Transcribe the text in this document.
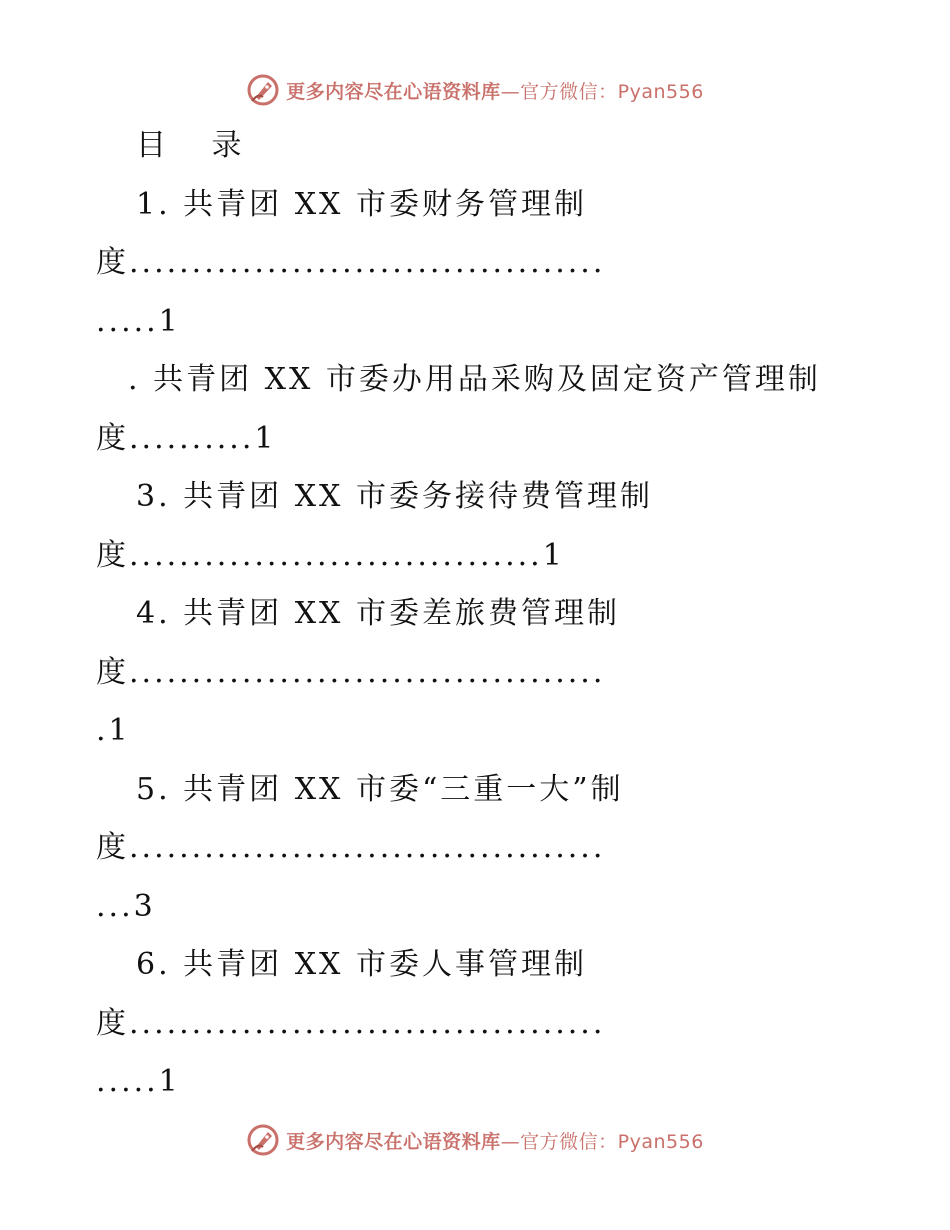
更多内容尽在心语资料库—官方微信：Pyan556
目 录
1. 共青团 XX 市委财务管理制
度......................................
.....1
. 共青团 XX 市委办用品采购及固定资产管理制
度..........1
3. 共青团 XX 市委务接待费管理制
度.................................1
4. 共青团 XX 市委差旅费管理制
度......................................
.1
5. 共青团 XX 市委“三重一大”制
度......................................
...3
6. 共青团 XX 市委人事管理制
度......................................
.....1
更多内容尽在心语资料库—官方微信：Pyan556
